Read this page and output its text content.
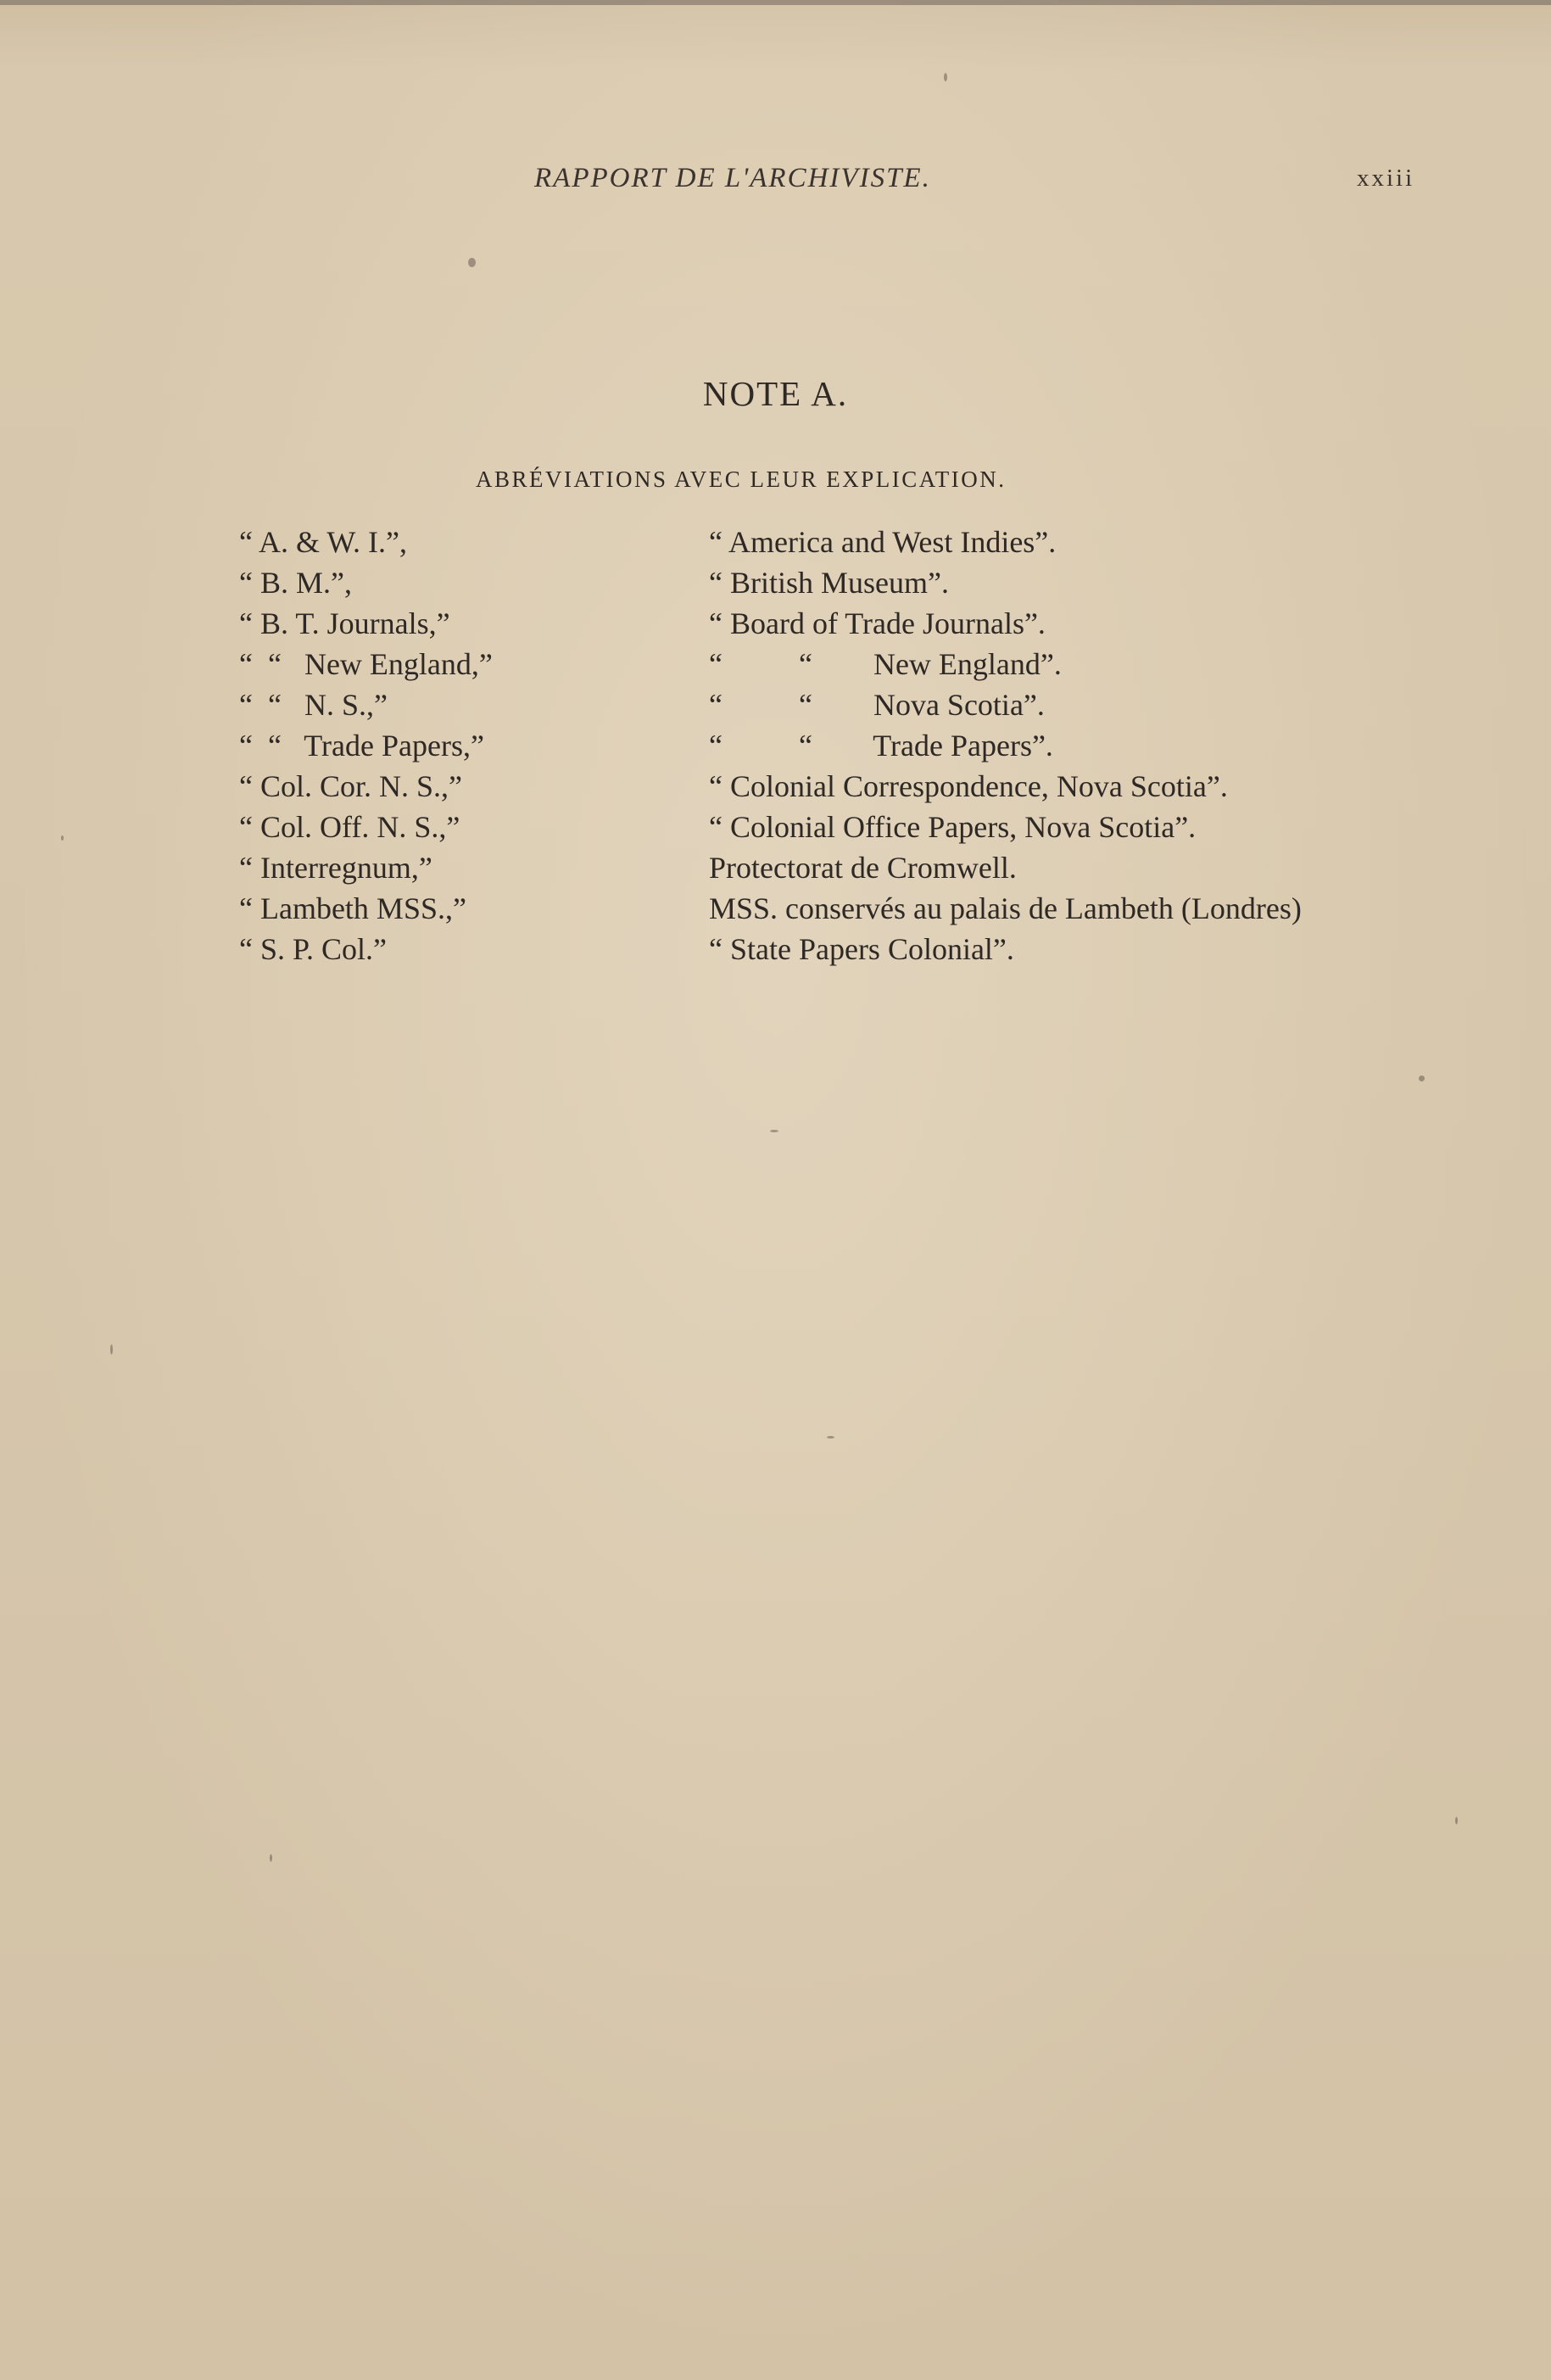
RAPPORT DE L'ARCHIVISTE.	xxiii
NOTE A.
ABRÉVIATIONS AVEC LEUR EXPLICATION.
“ A. & W. I.”,	“ America and West Indies”.
“ B. M.”,	“ British Museum”.
“ B. T. Journals,”	“ Board of Trade Journals”.
“  “   New England,”	“          “        New England”.
“  “   N. S.,”	“          “        Nova Scotia”.
“  “   Trade Papers,”	“          “        Trade Papers”.
“ Col. Cor. N. S.,”	“ Colonial Correspondence, Nova Scotia”.
“ Col. Off. N. S.,”	“ Colonial Office Papers, Nova Scotia”.
“ Interregnum,”	Protectorat de Cromwell.
“ Lambeth MSS.,”	MSS. conservés au palais de Lambeth (Londres)
“ S. P. Col.”	“ State Papers Colonial”.
